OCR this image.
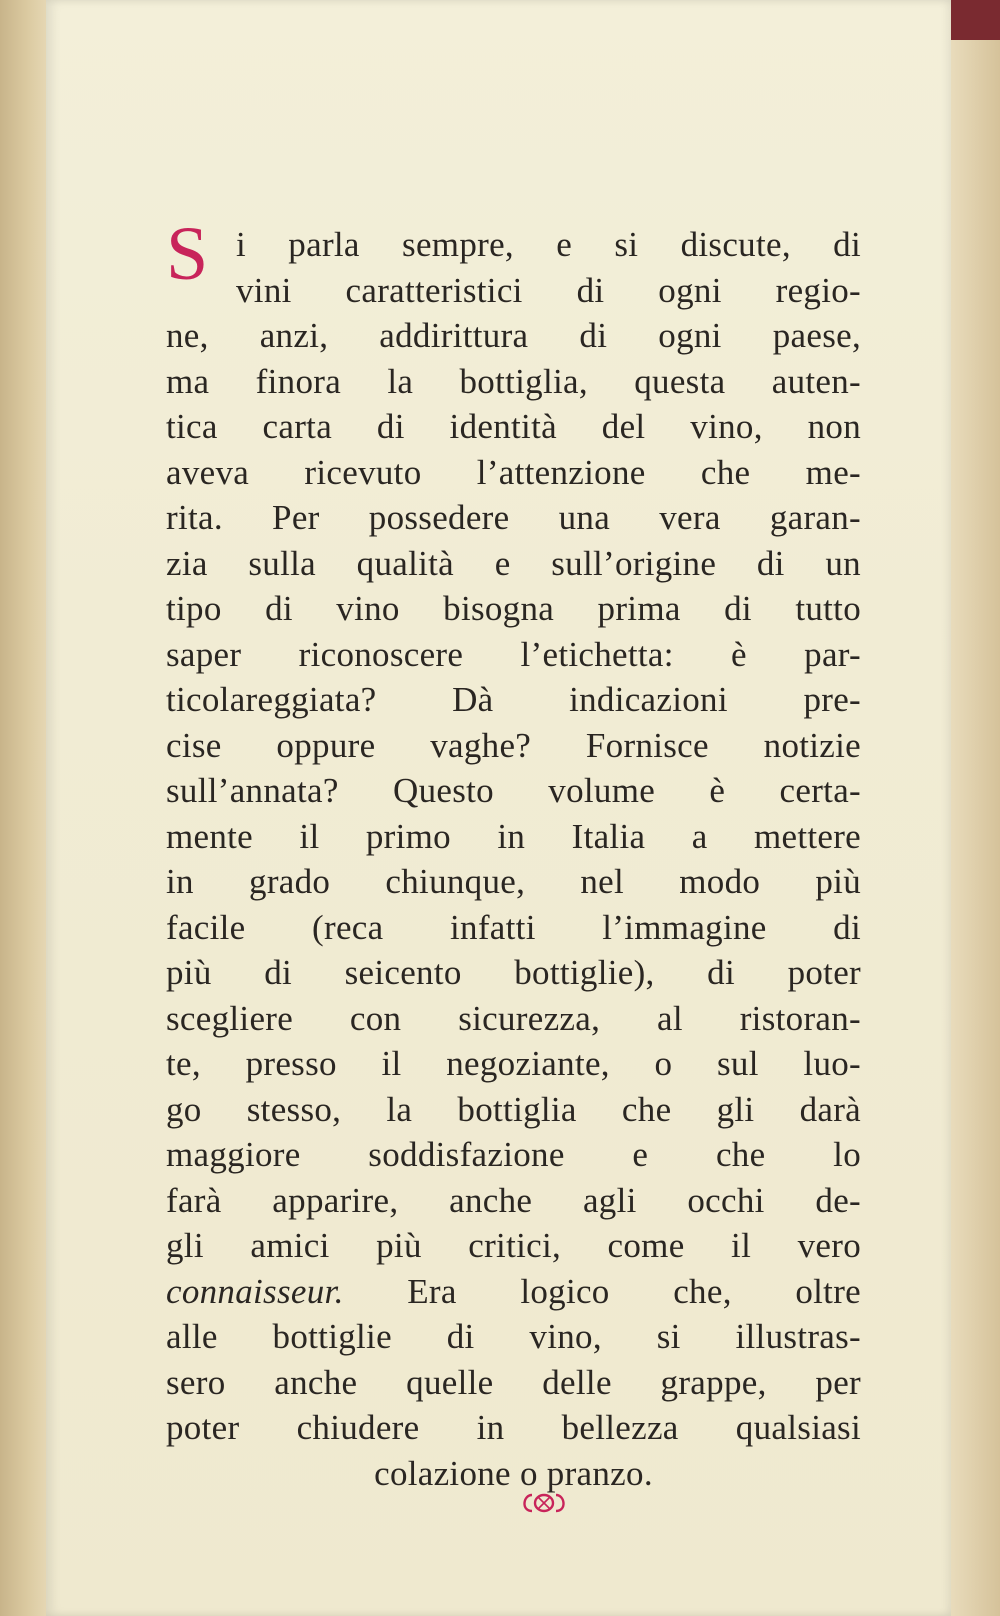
S i parla sempre, e si discute, di
vini caratteristici di ogni regio-
ne, anzi, addirittura di ogni paese,
ma finora la bottiglia, questa auten-
tica carta di identità del vino, non
aveva ricevuto l’attenzione che me-
rita. Per possedere una vera garan-
zia sulla qualità e sull’origine di un
tipo di vino bisogna prima di tutto
saper riconoscere l’etichetta: è par-
ticolareggiata? Dà indicazioni pre-
cise oppure vaghe? Fornisce notizie
sull’annata? Questo volume è certa-
mente il primo in Italia a mettere
in grado chiunque, nel modo più
facile (reca infatti l’immagine di
più di seicento bottiglie), di poter
scegliere con sicurezza, al ristoran-
te, presso il negoziante, o sul luo-
go stesso, la bottiglia che gli darà
maggiore soddisfazione e che lo
farà apparire, anche agli occhi de-
gli amici più critici, come il vero
connaisseur. Era logico che, oltre
alle bottiglie di vino, si illustras-
sero anche quelle delle grappe, per
poter chiudere in bellezza qualsiasi
colazione o pranzo.
